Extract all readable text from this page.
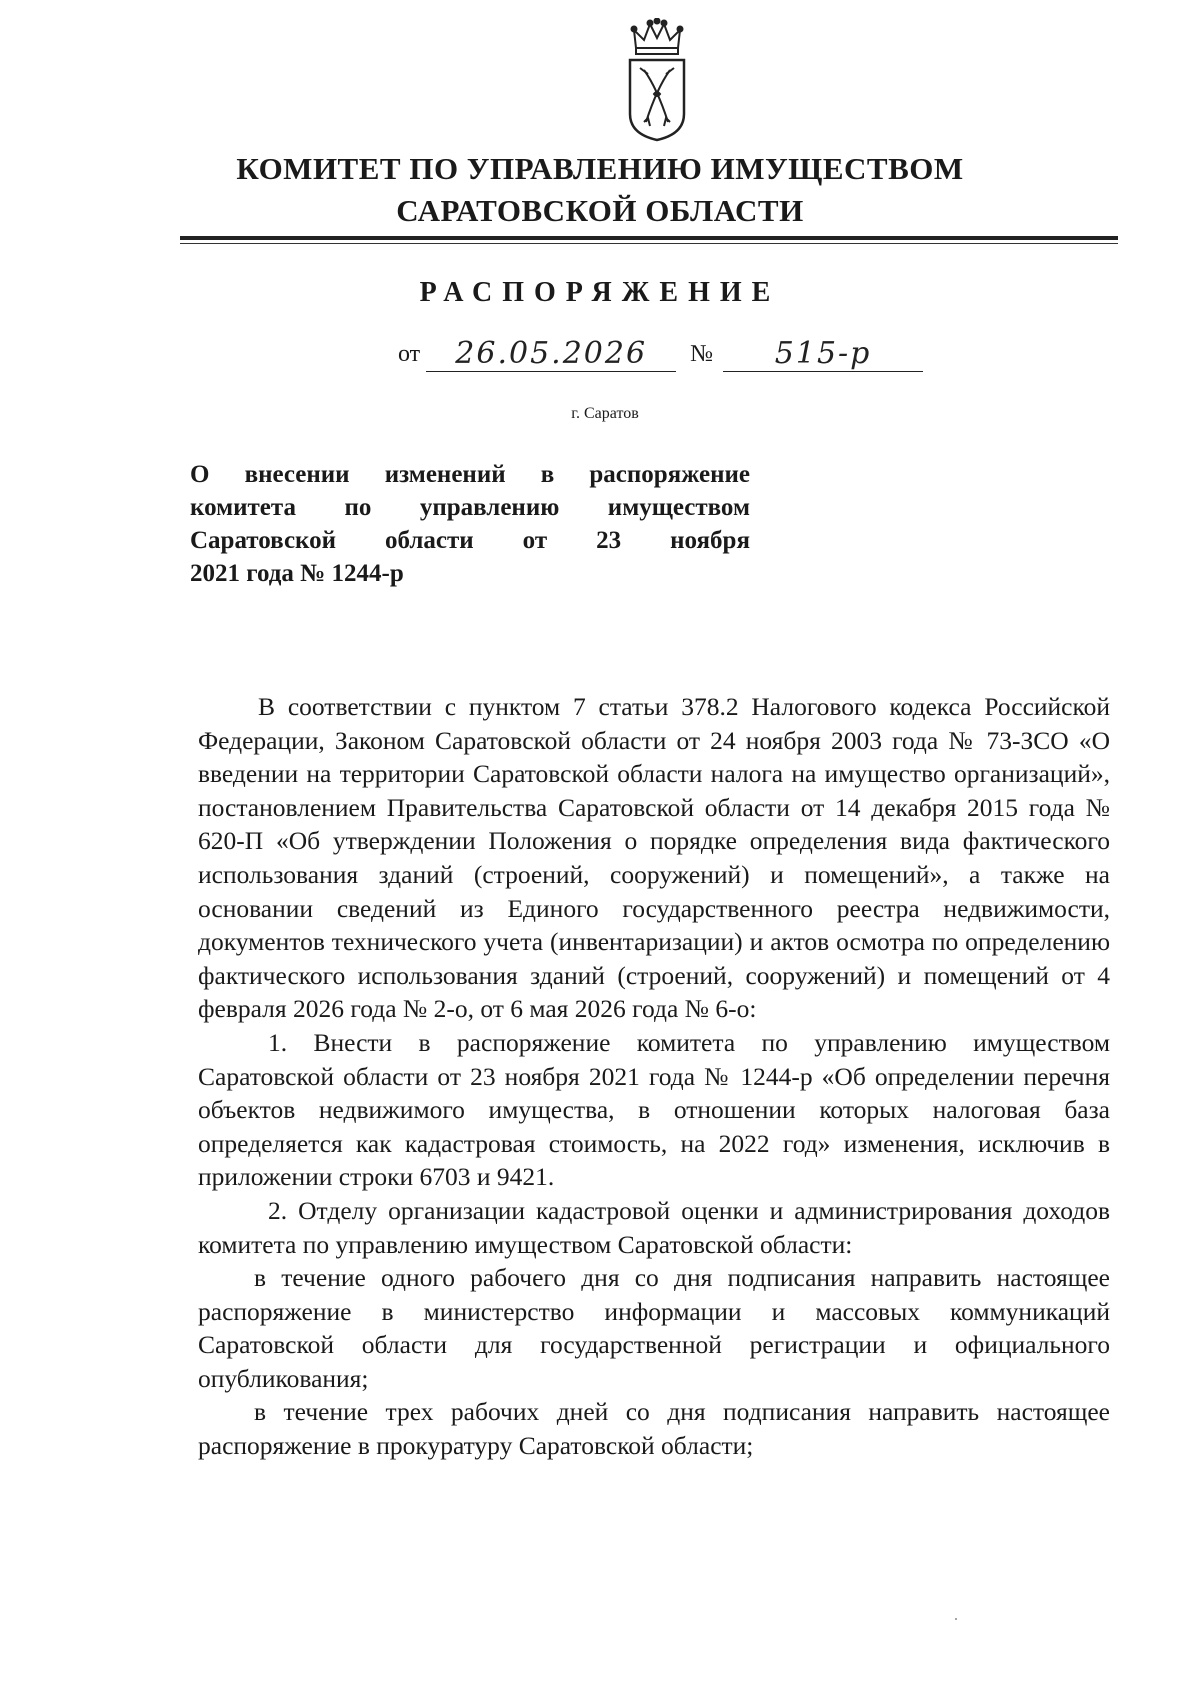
КОМИТЕТ ПО УПРАВЛЕНИЮ ИМУЩЕСТВОМ
САРАТОВСКОЙ ОБЛАСТИ
РАСПОРЯЖЕНИЕ
от 26.05.2026 № 515-р
г. Саратов
О внесении изменений в распоряжение
комитета по управлению имуществом
Саратовской области от 23 ноября
2021 года № 1244-р

В соответствии с пунктом 7 статьи 378.2 Налогового кодекса Российской Федерации, Законом Саратовской области от 24 ноября 2003 года № 73-ЗСО «О введении на территории Саратовской области налога на имущество организаций», постановлением Правительства Саратовской области от 14 декабря 2015 года № 620-П «Об утверждении Положения о порядке определения вида фактического использования зданий (строений, сооружений) и помещений», а также на основании сведений из Единого государственного реестра недвижимости, документов технического учета (инвентаризации) и актов осмотра по определению фактического использования зданий (строений, сооружений) и помещений от 4 февраля 2026 года № 2-о, от 6 мая 2026 года № 6-о:

1. Внести в распоряжение комитета по управлению имуществом Саратовской области от 23 ноября 2021 года № 1244-р «Об определении перечня объектов недвижимого имущества, в отношении которых налоговая база определяется как кадастровая стоимость, на 2022 год» изменения, исключив в приложении строки 6703 и 9421.

2. Отделу организации кадастровой оценки и администрирования доходов комитета по управлению имуществом Саратовской области:

в течение одного рабочего дня со дня подписания направить настоящее распоряжение в министерство информации и массовых коммуникаций Саратовской области для государственной регистрации и официального опубликования;

в течение трех рабочих дней со дня подписания направить настоящее распоряжение в прокуратуру Саратовской области;
